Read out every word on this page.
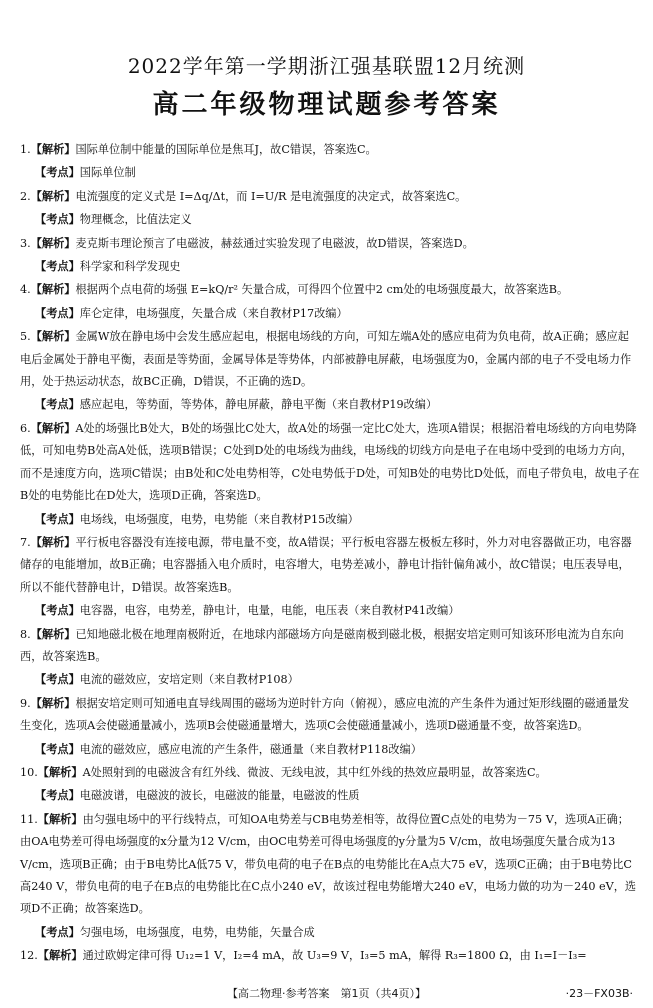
2022学年第一学期浙江强基联盟12月统测
高二年级物理试题参考答案
1.【解析】国际单位制中能量的国际单位是焦耳J，故C错误，答案选C。
【考点】国际单位制
2.【解析】电流强度的定义式是 I=Δq/Δt，而 I=U/R 是电流强度的决定式，故答案选C。
【考点】物理概念，比值法定义
3.【解析】麦克斯韦理论预言了电磁波，赫兹通过实验发现了电磁波，故D错误，答案选D。
【考点】科学家和科学发现史
4.【解析】根据两个点电荷的场强 E=kQ/r² 矢量合成，可得四个位置中2 cm处的电场强度最大，故答案选B。
【考点】库仑定律，电场强度，矢量合成（来自教材P17改编）
5.【解析】金属W放在静电场中会发生感应起电，根据电场线的方向，可知左端A处的感应电荷为负电荷，故A正确；感应起电后金属处于静电平衡，表面是等势面，金属导体是等势体，内部被静电屏蔽，电场强度为0，金属内部的电子不受电场力作用，处于热运动状态，故BC正确，D错误，不正确的选D。
【考点】感应起电，等势面，等势体，静电屏蔽，静电平衡（来自教材P19改编）
6.【解析】A处的场强比B处大，B处的场强比C处大，故A处的场强一定比C处大，选项A错误；根据沿着电场线的方向电势降低，可知电势B处高A处低，选项B错误；C处到D处的电场线为曲线，电场线的切线方向是电子在电场中受到的电场力方向，而不是速度方向，选项C错误；由B处和C处电势相等，C处电势低于D处，可知B处的电势比D处低，而电子带负电，故电子在B处的电势能比在D处大，选项D正确，答案选D。
【考点】电场线，电场强度，电势，电势能（来自教材P15改编）
7.【解析】平行板电容器没有连接电源，带电量不变，故A错误；平行板电容器左极板左移时，外力对电容器做正功，电容器储存的电能增加，故B正确；电容器插入电介质时，电容增大，电势差减小，静电计指针偏角减小，故C错误；电压表导电，所以不能代替静电计，D错误。故答案选B。
【考点】电容器，电容，电势差，静电计，电量，电能，电压表（来自教材P41改编）
8.【解析】已知地磁北极在地理南极附近，在地球内部磁场方向是磁南极到磁北极，根据安培定则可知该环形电流为自东向西，故答案选B。
【考点】电流的磁效应，安培定则（来自教材P108）
9.【解析】根据安培定则可知通电直导线周围的磁场为逆时针方向（俯视），感应电流的产生条件为通过矩形线圈的磁通量发生变化，选项A会使磁通量减小，选项B会使磁通量增大，选项C会使磁通量减小，选项D磁通量不变，故答案选D。
【考点】电流的磁效应，感应电流的产生条件，磁通量（来自教材P118改编）
10.【解析】A处照射到的电磁波含有红外线、微波、无线电波，其中红外线的热效应最明显，故答案选C。
【考点】电磁波谱，电磁波的波长，电磁波的能量，电磁波的性质
11.【解析】由匀强电场中的平行线特点，可知OA电势差与CB电势差相等，故得位置C点处的电势为－75 V，选项A正确；由OA电势差可得电场强度的x分量为12 V/cm，由OC电势差可得电场强度的y分量为5 V/cm，故电场强度矢量合成为13 V/cm，选项B正确；由于B电势比A低75 V，带负电荷的电子在B点的电势能比在A点大75 eV，选项C正确；由于B电势比C高240 V，带负电荷的电子在B点的电势能比在C点小240 eV，故该过程电势能增大240 eV，电场力做的功为－240 eV，选项D不正确；故答案选D。
【考点】匀强电场，电场强度，电势，电势能，矢量合成
12.【解析】通过欧姆定律可得 U₁₂=1 V，I₂=4 mA，故 U₃=9 V，I₃=5 mA，解得 R₃=1800 Ω，由 I₁=I－I₃=
【高二物理·参考答案　第1页（共4页）】	·23－FX03B·
